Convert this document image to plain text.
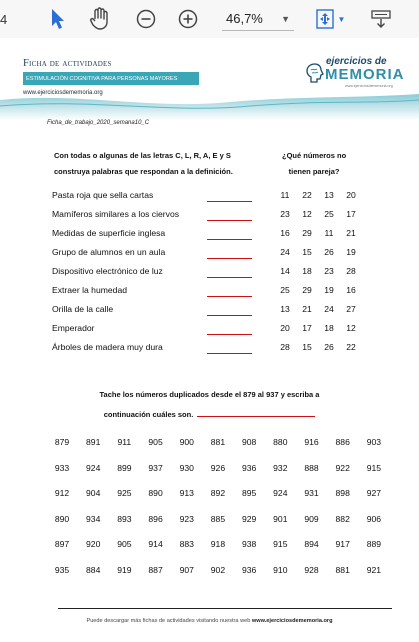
4	46,7% ▼	▼
Ficha de actividades
ESTIMULACIÓN COGNITIVA PARA PERSONAS MAYORES
www.ejerciciosdememoria.org
ejercicios de
MEMORIA
www.ejerciciosdememoria.org
Ficha_de_trabajo_2020_semana10_C
Con todas o algunas de las letras C, L, R, A, E y S
construya palabras que respondan a la definición.
¿Qué números no
tienen pareja?
Tache los números duplicados desde el 879 al 937 y escriba a
continuación cuáles son.
Puede descargar más fichas de actividades visitando nuestra web www.ejerciciosdememoria.org
Pasta roja que sella cartas	11	22	13	20
Mamíferos similares a los ciervos	23	12	25	17
Medidas de superficie inglesa	16	29	11	21
Grupo de alumnos en un aula	24	15	26	19
Dispositivo electrónico de luz	14	18	23	28
Extraer la humedad	25	29	19	16
Orilla de la calle	13	21	24	27
Emperador	20	17	18	12
Árboles de madera muy dura	28	15	26	22
879	891	911	905	900	881	908	880	916	886	903
933	924	899	937	930	926	936	932	888	922	915
912	904	925	890	913	892	895	924	931	898	927
890	934	893	896	923	885	929	901	909	882	906
897	920	905	914	883	918	938	915	894	917	889
935	884	919	887	907	902	936	910	928	881	921
